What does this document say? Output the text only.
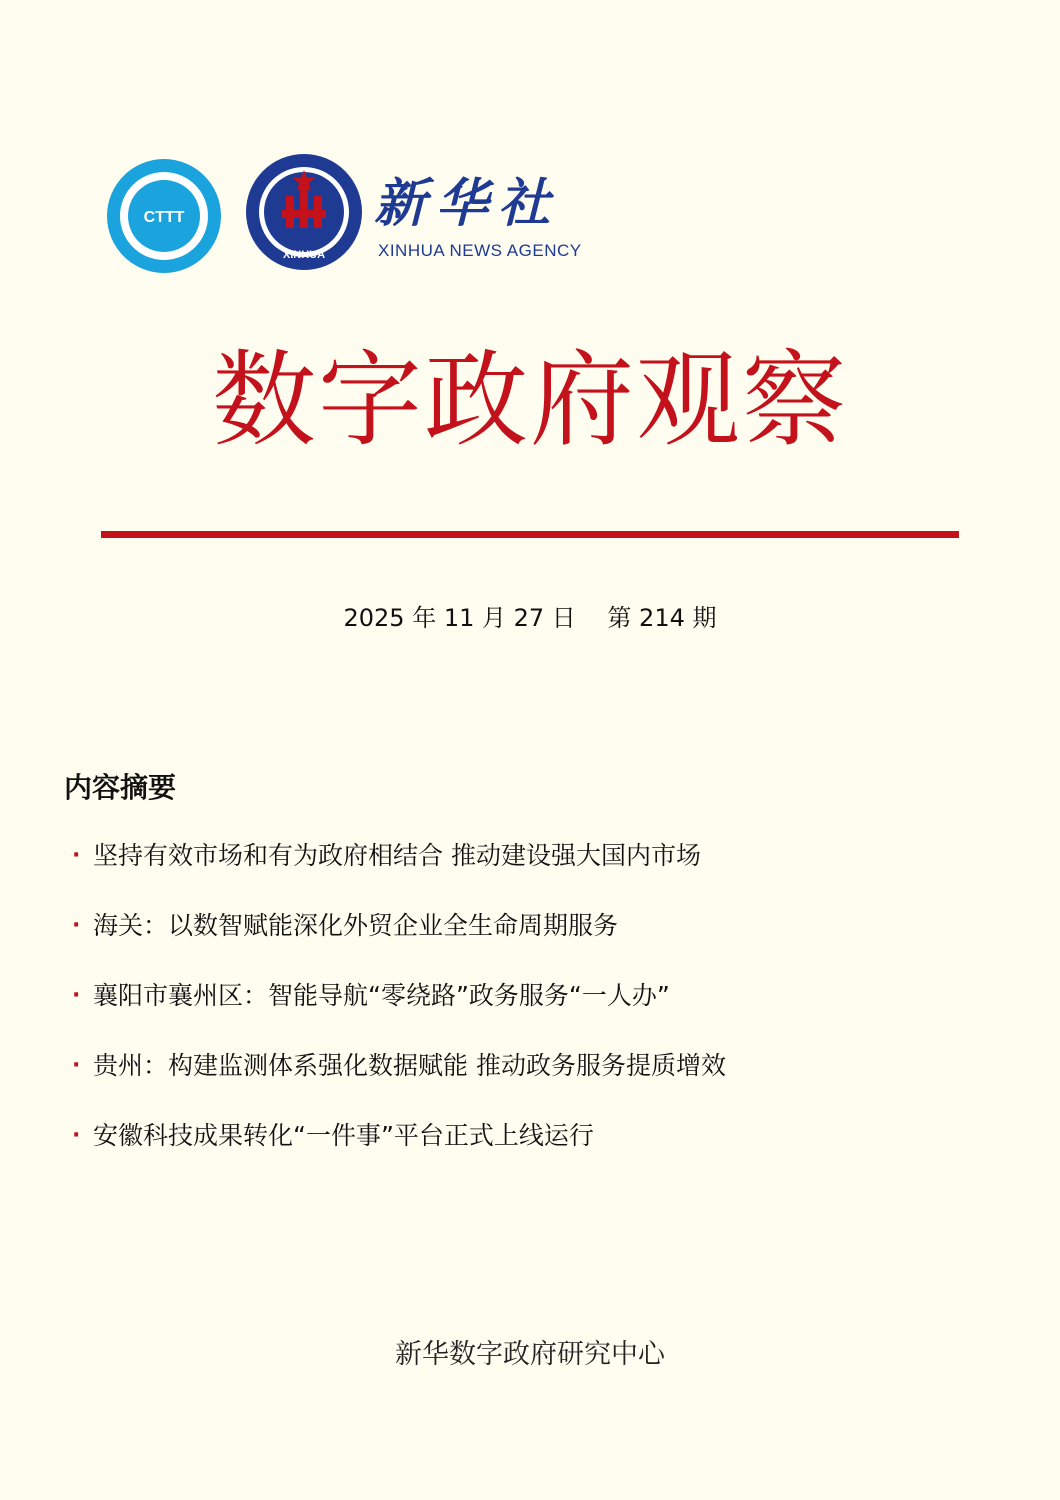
CTTT
XINHUA
新华社
XINHUA NEWS AGENCY
数字政府观察
2025 年 11 月 27 日　 第 214 期
内容摘要
· 坚持有效市场和有为政府相结合 推动建设强大国内市场
· 海关：以数智赋能深化外贸企业全生命周期服务
· 襄阳市襄州区：智能导航“零绕路”政务服务“一人办”
· 贵州：构建监测体系强化数据赋能 推动政务服务提质增效
· 安徽科技成果转化“一件事”平台正式上线运行
新华数字政府研究中心
